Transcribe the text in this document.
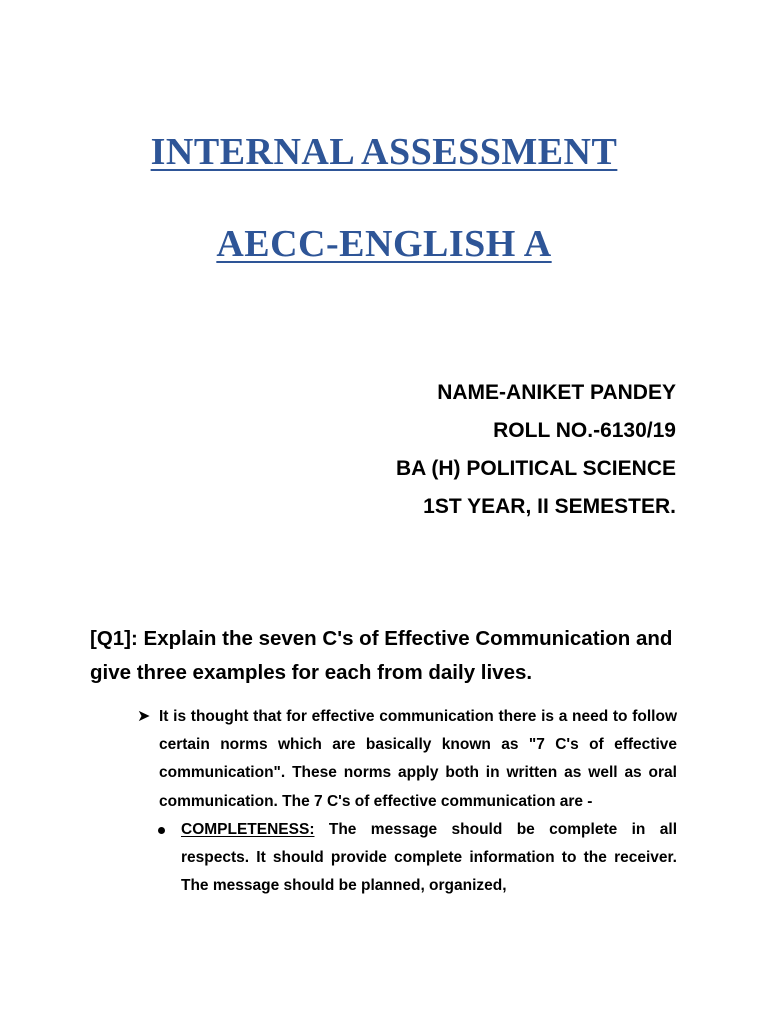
INTERNAL ASSESSMENT
AECC-ENGLISH A
NAME-ANIKET PANDEY
ROLL NO.-6130/19
BA (H) POLITICAL SCIENCE
1ST YEAR, II SEMESTER.

[Q1]: Explain the seven C's of Effective Communication and give three examples for each from daily lives.

➤ It is thought that for effective communication there is a need to follow certain norms which are basically known as "7 C's of effective communication". These norms apply both in written as well as oral communication. The 7 C's of effective communication are -
COMPLETENESS: The message should be complete in all respects. It should provide complete information to the receiver. The message should be planned, organized,
